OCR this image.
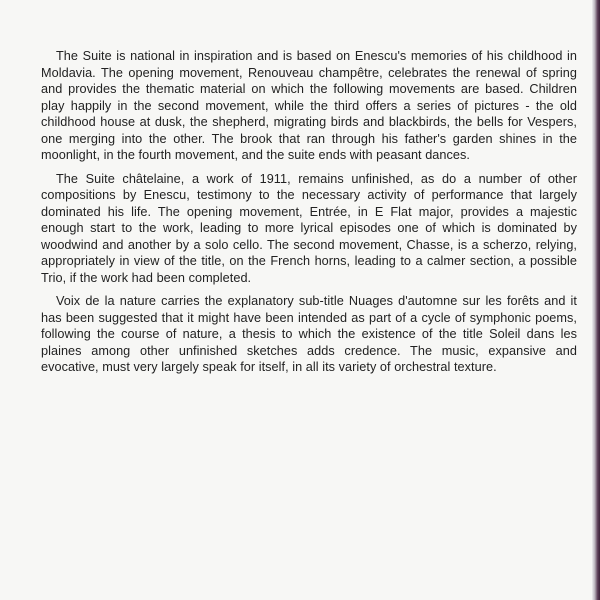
The Suite is national in inspiration and is based on Enescu's memories of his childhood in Moldavia. The opening movement, Renouveau champêtre, celebrates the renewal of spring and provides the thematic material on which the following movements are based. Children play happily in the second movement, while the third offers a series of pictures - the old childhood house at dusk, the shepherd, migrating birds and blackbirds, the bells for Vespers, one merging into the other. The brook that ran through his father's garden shines in the moonlight, in the fourth movement, and the suite ends with peasant dances.

The Suite châtelaine, a work of 1911, remains unfinished, as do a number of other compositions by Enescu, testimony to the necessary activity of performance that largely dominated his life. The opening movement, Entrée, in E Flat major, provides a majestic enough start to the work, leading to more lyrical episodes one of which is dominated by woodwind and another by a solo cello. The second movement, Chasse, is a scherzo, relying, appropriately in view of the title, on the French horns, leading to a calmer section, a possible Trio, if the work had been completed.

Voix de la nature carries the explanatory sub-title Nuages d'automne sur les forêts and it has been suggested that it might have been intended as part of a cycle of symphonic poems, following the course of nature, a thesis to which the existence of the title Soleil dans les plaines among other unfinished sketches adds credence. The music, expansive and evocative, must very largely speak for itself, in all its variety of orchestral texture.
